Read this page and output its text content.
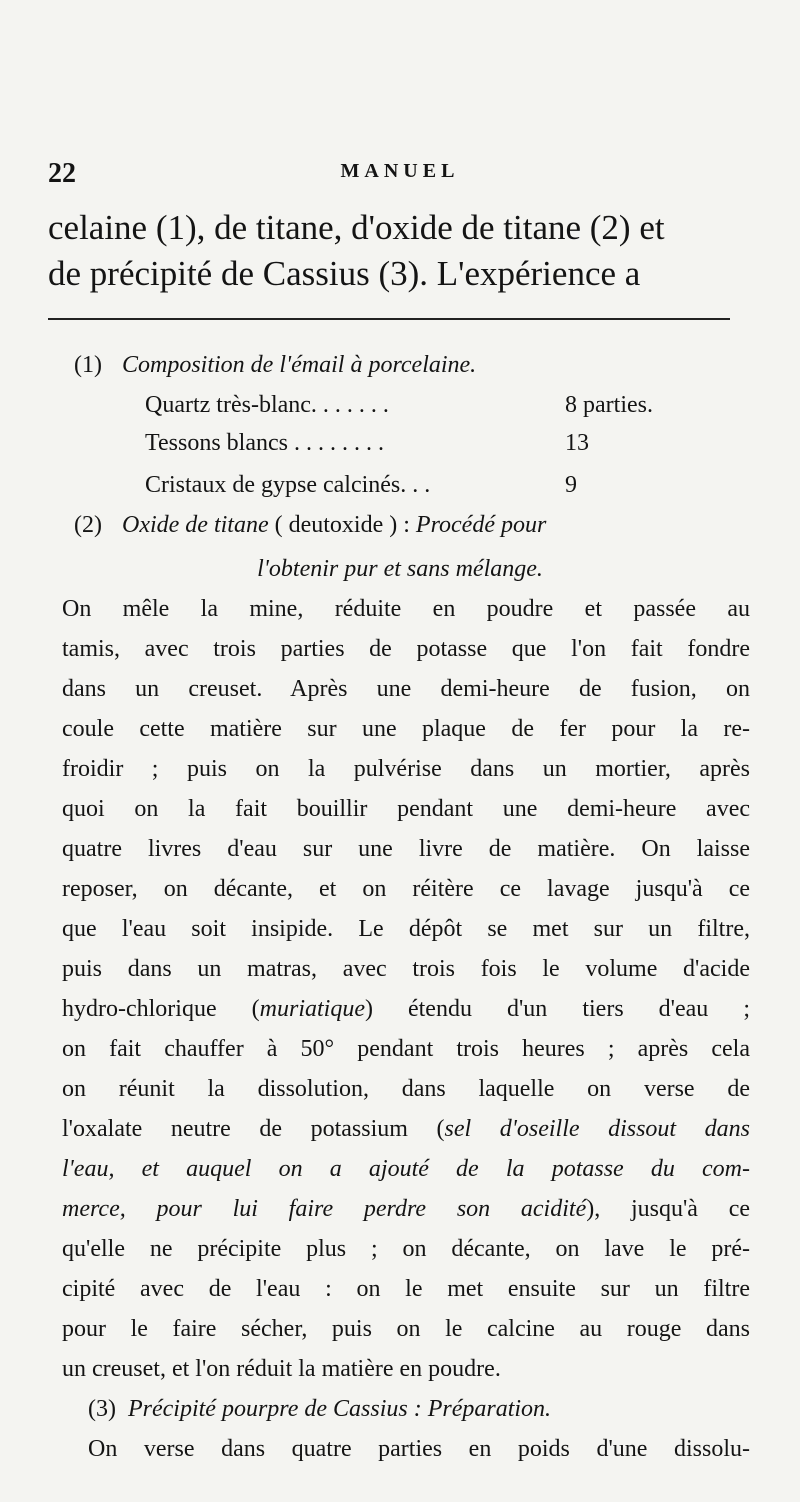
22	MANUEL
celaine (1), de titane, d'oxide de titane (2) et
de précipité de Cassius (3). L'expérience a
(1) Composition de l'émail à porcelaine.
Quartz très-blanc. . . . . . .	8 parties.
Tessons blancs . . . . . . . .	13
Cristaux de gypse calcinés. . .	9
(2) Oxide de titane ( deutoxide ) : Procédé pour
l'obtenir pur et sans mélange.
On mêle la mine, réduite en poudre et passée au
tamis, avec trois parties de potasse que l'on fait fondre
dans un creuset. Après une demi-heure de fusion, on
coule cette matière sur une plaque de fer pour la re-
froidir ; puis on la pulvérise dans un mortier, après
quoi on la fait bouillir pendant une demi-heure avec
quatre livres d'eau sur une livre de matière. On laisse
reposer, on décante, et on réitère ce lavage jusqu'à ce
que l'eau soit insipide. Le dépôt se met sur un filtre,
puis dans un matras, avec trois fois le volume d'acide
hydro-chlorique (muriatique) étendu d'un tiers d'eau ;
on fait chauffer à 50° pendant trois heures ; après cela
on réunit la dissolution, dans laquelle on verse de
l'oxalate neutre de potassium (sel d'oseille dissout dans
l'eau, et auquel on a ajouté de la potasse du com-
merce, pour lui faire perdre son acidité), jusqu'à ce
qu'elle ne précipite plus ; on décante, on lave le pré-
cipité avec de l'eau : on le met ensuite sur un filtre
pour le faire sécher, puis on le calcine au rouge dans
un creuset, et l'on réduit la matière en poudre.
(3) Précipité pourpre de Cassius : Préparation.
On verse dans quatre parties en poids d'une dissolu-
